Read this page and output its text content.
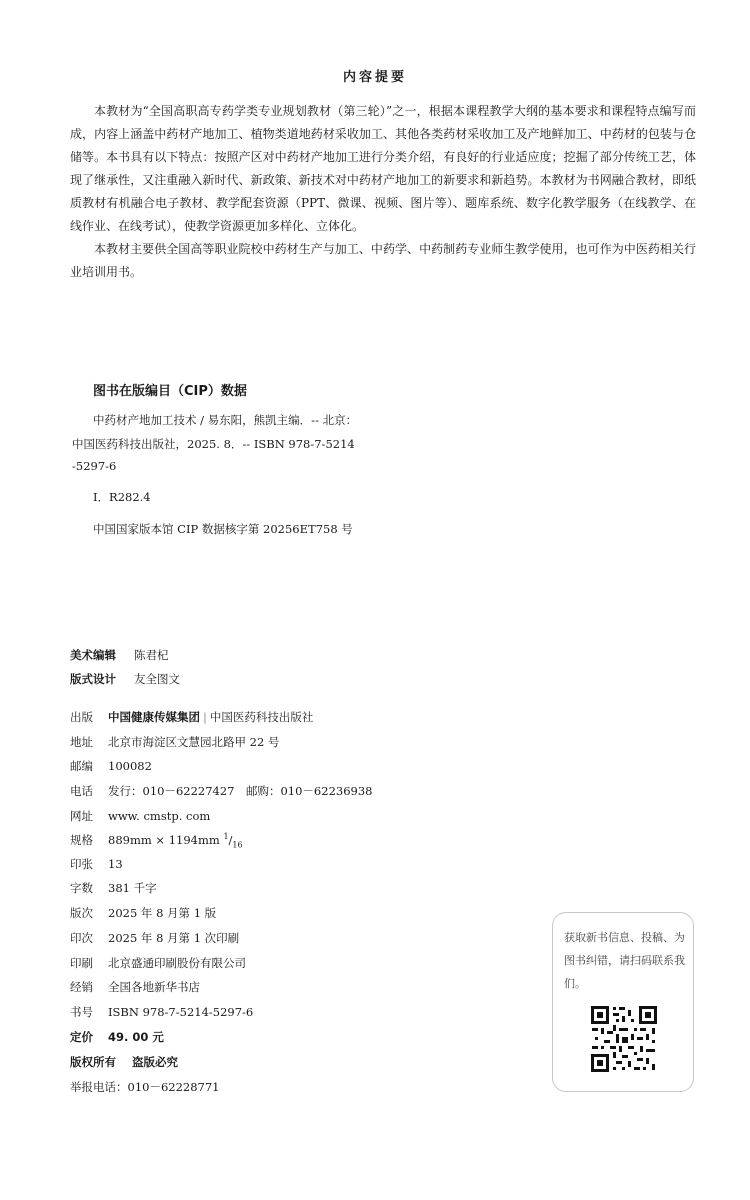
内容提要

本教材为“全国高职高专药学类专业规划教材（第三轮）”之一，根据本课程教学大纲的基本要求和课程特点编写而成，内容上涵盖中药材产地加工、植物类道地药材采收加工、其他各类药材采收加工及产地鲜加工、中药材的包装与仓储等。本书具有以下特点：按照产区对中药材产地加工进行分类介绍，有良好的行业适应度；挖掘了部分传统工艺，体现了继承性，又注重融入新时代、新政策、新技术对中药材产地加工的新要求和新趋势。本教材为书网融合教材，即纸质教材有机融合电子教材、教学配套资源（PPT、微课、视频、图片等）、题库系统、数字化教学服务（在线教学、在线作业、在线考试），使教学资源更加多样化、立体化。

本教材主要供全国高等职业院校中药材生产与加工、中药学、中药制药专业师生教学使用，也可作为中医药相关行业培训用书。

图书在版编目（CIP）数据
中药材产地加工技术 / 易东阳，熊凯主编．-- 北京：
中国医药科技出版社，2025. 8．-- ISBN 978-7-5214
-5297-6
Ⅰ．R282.4
中国国家版本馆 CIP 数据核字第 20256ET758 号
美术编辑 陈君杞
版式设计 友全图文
出版 中国健康传媒集团 | 中国医药科技出版社
地址 北京市海淀区文慧园北路甲 22 号
邮编 100082
电话 发行：010－62227427　邮购：010－62236938
网址 www. cmstp. com
规格 889mm × 1194mm $^1/_{16}$
印张 13
字数 381 千字
版次 2025 年 8 月第 1 版
印次 2025 年 8 月第 1 次印刷
印刷 北京盛通印刷股份有限公司
经销 全国各地新华书店
书号 ISBN 978-7-5214-5297-6
定价 49. 00 元
版权所有 盗版必究
举报电话：010－62228771
获取新书信息、投稿、为图书纠错，请扫码联系我们。
